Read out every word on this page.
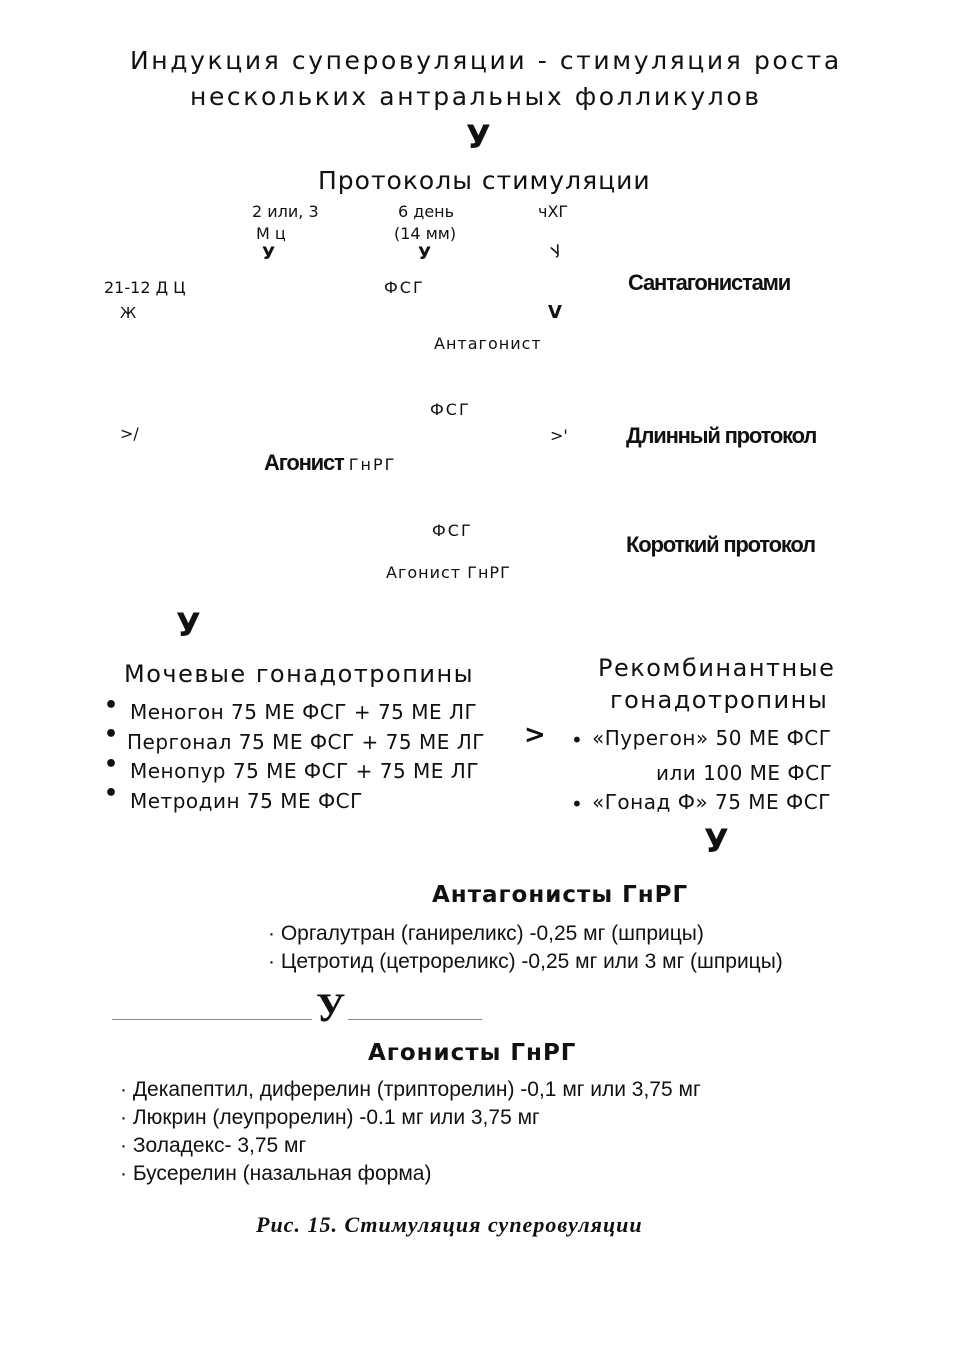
Индукция суперовуляции - стимуляция роста
нескольких антральных фолликулов
У
Протоколы стимуляции
2 или, 3
М ц
У
6 день
(14 мм)
У
чХГ
У
21-12 Д Ц
Ж
ФСГ
V
Антагонист
Сантагонистами
ФСГ
>/	>'
Агонист ГнРГ
Длинный протокол
ФСГ
Агонист ГнРГ
Короткий протокол
У
Мочевые гонадотропины
• Меногон 75 МЕ ФСГ + 75 МЕ ЛГ
• Пергонал 75 МЕ ФСГ + 75 МЕ ЛГ
• Менопур 75 МЕ ФСГ + 75 МЕ ЛГ
• Метродин 75 МЕ ФСГ
>
Рекомбинантные
гонадотропины
• «Пурегон» 50 МЕ ФСГ
или 100 МЕ ФСГ
• «Гонад Ф» 75 МЕ ФСГ
У
Антагонисты ГнРГ
· Оргалутран (ганиреликс) -0,25 мг (шприцы)
· Цетротид (цетрореликс) -0,25 мг или 3 мг (шприцы)
У
Агонисты ГнРГ
· Декапептил, диферелин (трипторелин) -0,1 мг или 3,75 мг
· Люкрин (леупрорелин) -0.1 мг или 3,75 мг
· Золадекс- 3,75 мг
· Бусерелин (назальная форма)
Рис. 15. Стимуляция суперовуляции
